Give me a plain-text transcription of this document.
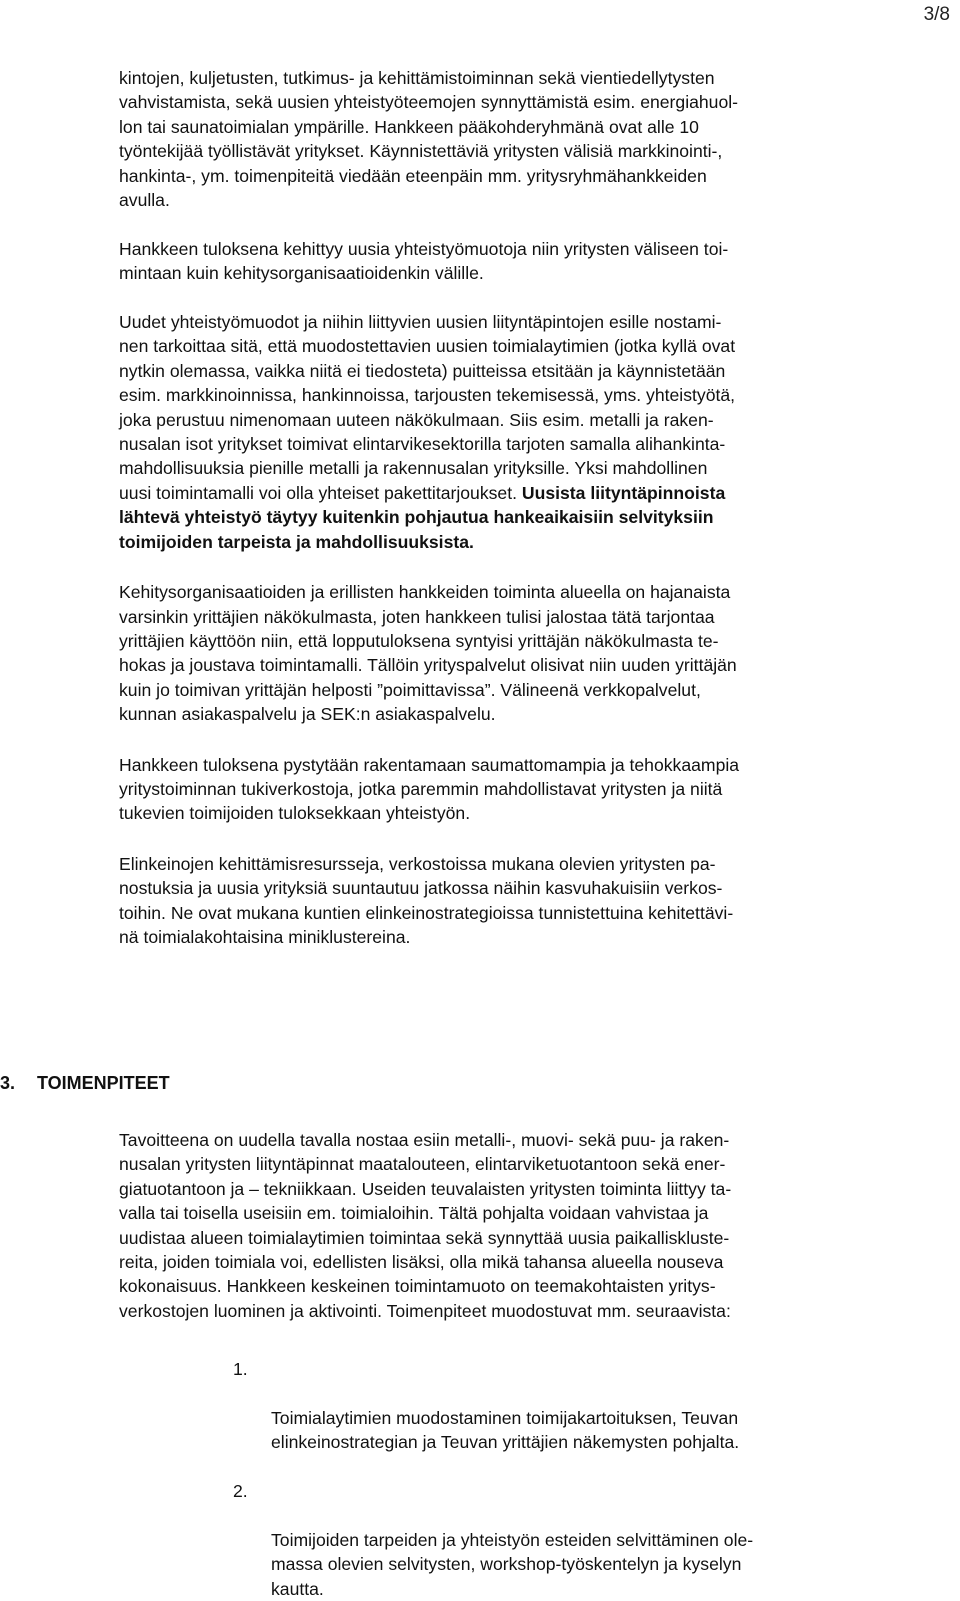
3/8

kintojen, kuljetusten, tutkimus- ja kehittämistoiminnan sekä vientiedellytysten
vahvistamista, sekä uusien yhteistyöteemojen synnyttämistä esim. energiahuol-
lon tai saunatoimialan ympärille. Hankkeen pääkohderyhmänä ovat alle 10
työntekijää työllistävät yritykset. Käynnistettäviä yritysten välisiä markkinointi-,
hankinta-, ym. toimenpiteitä viedään eteenpäin mm. yritysryhmähankkeiden
avulla.

Hankkeen tuloksena kehittyy uusia yhteistyömuotoja niin yritysten väliseen toi-
mintaan kuin kehitysorganisaatioidenkin välille.

Uudet yhteistyömuodot ja niihin liittyvien uusien liityntäpintojen esille nostami-
nen tarkoittaa sitä, että muodostettavien uusien toimialaytimien (jotka kyllä ovat
nytkin olemassa, vaikka niitä ei tiedosteta) puitteissa etsitään ja käynnistetään
esim. markkinoinnissa, hankinnoissa, tarjousten tekemisessä, yms. yhteistyötä,
joka perustuu nimenomaan uuteen näkökulmaan. Siis esim. metalli ja raken-
nusalan isot yritykset toimivat elintarvikesektorilla tarjoten samalla alihankinta-
mahdollisuuksia pienille metalli ja rakennusalan yrityksille. Yksi mahdollinen
uusi toimintamalli voi olla yhteiset pakettitarjoukset. Uusista liityntäpinnoista
lähtevä yhteistyö täytyy kuitenkin pohjautua hankeaikaisiin selvityksiin
toimijoiden tarpeista ja mahdollisuuksista.

Kehitysorganisaatioiden ja erillisten hankkeiden toiminta alueella on hajanaista
varsinkin yrittäjien näkökulmasta, joten hankkeen tulisi jalostaa tätä tarjontaa
yrittäjien käyttöön niin, että lopputuloksena syntyisi yrittäjän näkökulmasta te-
hokas ja joustava toimintamalli. Tällöin yrityspalvelut olisivat niin uuden yrittäjän
kuin jo toimivan yrittäjän helposti ”poimittavissa”. Välineenä verkkopalvelut,
kunnan asiakaspalvelu ja SEK:n asiakaspalvelu.

Hankkeen tuloksena pystytään rakentamaan saumattomampia ja tehokkaampia
yritystoiminnan tukiverkostoja, jotka paremmin mahdollistavat yritysten ja niitä
tukevien toimijoiden tuloksekkaan yhteistyön.

Elinkeinojen kehittämisresursseja, verkostoissa mukana olevien yritysten pa-
nostuksia ja uusia yrityksiä suuntautuu jatkossa näihin kasvuhakuisiin verkos-
toihin. Ne ovat mukana kuntien elinkeinostrategioissa tunnistettuina kehitettävi-
nä toimialakohtaisina miniklustereina.

3. TOIMENPITEET

Tavoitteena on uudella tavalla nostaa esiin metalli-, muovi- sekä puu- ja raken-
nusalan yritysten liityntäpinnat maatalouteen, elintarviketuotantoon sekä ener-
giatuotantoon ja – tekniikkaan. Useiden teuvalaisten yritysten toiminta liittyy ta-
valla tai toisella useisiin em. toimialoihin. Tältä pohjalta voidaan vahvistaa ja
uudistaa alueen toimialaytimien toimintaa sekä synnyttää uusia paikalliskluste-
reita, joiden toimiala voi, edellisten lisäksi, olla mikä tahansa alueella nouseva
kokonaisuus. Hankkeen keskeinen toimintamuoto on teemakohtaisten yritys-
verkostojen luominen ja aktivointi. Toimenpiteet muodostuvat mm. seuraavista:

1.

Toimialaytimien muodostaminen toimijakartoituksen, Teuvan
elinkeinostrategian ja Teuvan yrittäjien näkemysten pohjalta.

2.

Toimijoiden tarpeiden ja yhteistyön esteiden selvittäminen ole-
massa olevien selvitysten, workshop-työskentelyn ja kyselyn
kautta.
